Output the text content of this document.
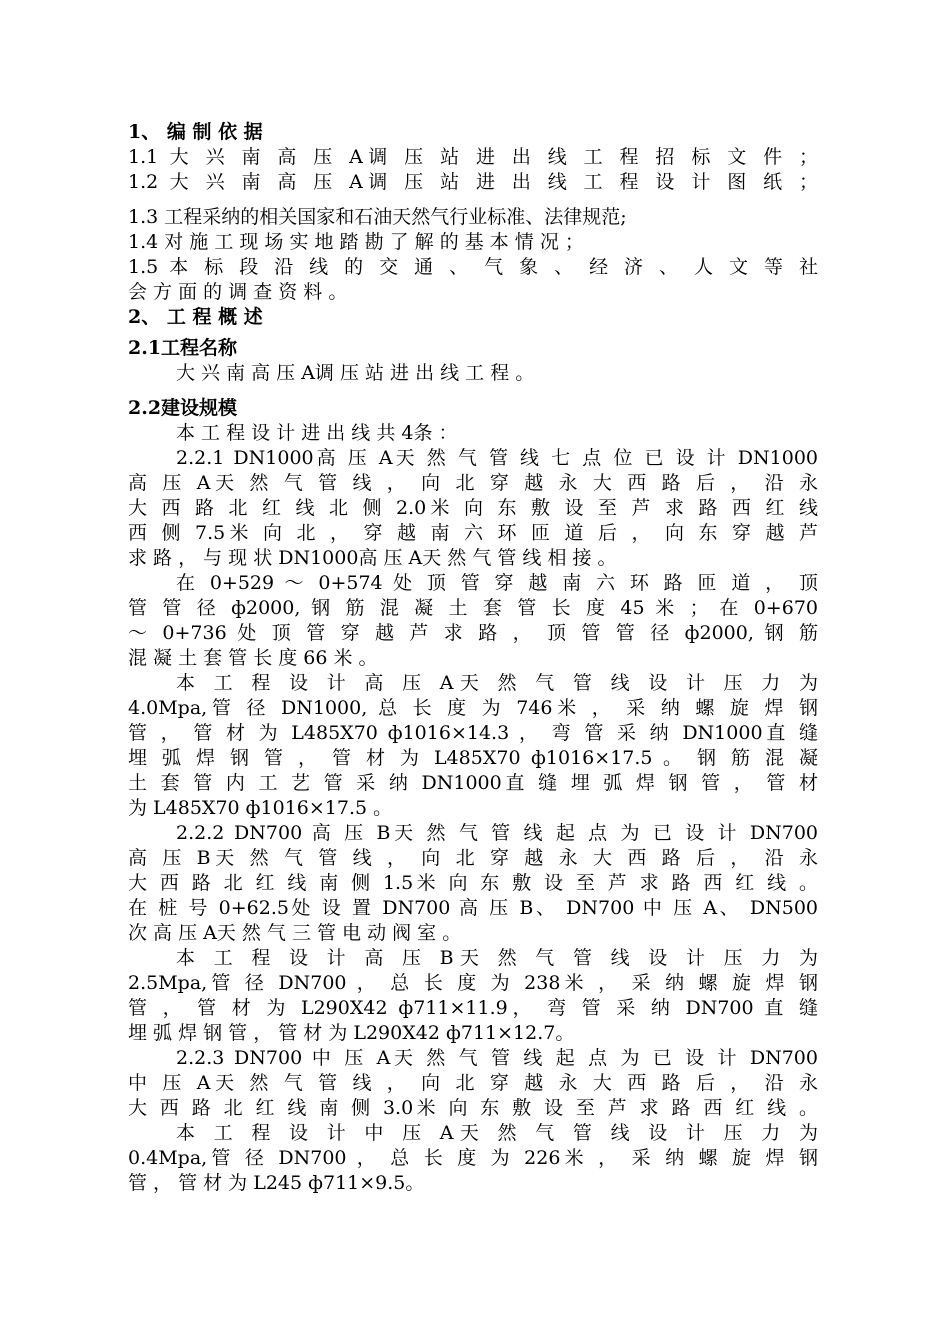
1、 编 制 依 据
1.1 大 兴 南 高 压 A调 压 站 进 出 线 工 程 招 标 文 件 ；
1.2 大 兴 南 高 压 A调 压 站 进 出 线 工 程 设 计 图 纸 ；
1.3 工程采纳的相关国家和石油天然气行业标准、法律规范;
1.4 对 施 工 现 场 实 地 踏 勘 了 解 的 基 本 情 况 ；
1.5 本 标 段 沿 线 的 交 通 、 气 象 、 经 济 、 人 文 等 社
会 方 面 的 调 查 资 料 。
2、 工 程 概 述
2.1工程名称
大 兴 南 高 压 A调 压 站 进 出 线 工 程 。
2.2建设规模
本 工 程 设 计 进 出 线 共 4条 ：
2.2.1 DN1000高 压 A天 然 气 管 线 七 点 位 已 设 计 DN1000
高 压 A天 然 气 管 线 ， 向 北 穿 越 永 大 西 路 后 ， 沿 永
大 西 路 北 红 线 北 侧 2.0米 向 东 敷 设 至 芦 求 路 西 红 线
西 侧 7.5米 向 北 ， 穿 越 南 六 环 匝 道 后 ， 向 东 穿 越 芦
求 路 ， 与 现 状 DN1000高 压 A天 然 气 管 线 相 接 。
在 0+529 ～ 0+574 处 顶 管 穿 越 南 六 环 路 匝 道 ， 顶
管 管 径 ф2000, 钢 筋 混 凝 土 套 管 长 度 45 米 ； 在 0+670
～ 0+736 处 顶 管 穿 越 芦 求 路 ， 顶 管 管 径 ф2000, 钢 筋
混 凝 土 套 管 长 度 66 米 。
本 工 程 设 计 高 压 A天 然 气 管 线 设 计 压 力 为
4.0Mpa,管 径 DN1000, 总 长 度 为 746米 ， 采 纳 螺 旋 焊 钢
管 ， 管 材 为 L485X70 ф1016×14.3 ， 弯 管 采 纳 DN1000直 缝
埋 弧 焊 钢 管 ， 管 材 为 L485X70 ф1016×17.5 。 钢 筋 混 凝
土 套 管 内 工 艺 管 采 纳 DN1000直 缝 埋 弧 焊 钢 管 ， 管 材
为 L485X70 ф1016×17.5 。
2.2.2 DN700 高 压 B天 然 气 管 线 起 点 为 已 设 计 DN700
高 压 B天 然 气 管 线 ， 向 北 穿 越 永 大 西 路 后 ， 沿 永
大 西 路 北 红 线 南 侧 1.5米 向 东 敷 设 至 芦 求 路 西 红 线 。
在 桩 号 0+62.5处 设 置 DN700 高 压 B、 DN700 中 压 A、 DN500
次 高 压 A天 然 气 三 管 电 动 阀 室 。
本 工 程 设 计 高 压 B天 然 气 管 线 设 计 压 力 为
2.5Mpa,管 径 DN700 ， 总 长 度 为 238米 ， 采 纳 螺 旋 焊 钢
管 ， 管 材 为 L290X42 ф711×11.9， 弯 管 采 纳 DN700 直 缝
埋 弧 焊 钢 管 ， 管 材 为 L290X42 ф711×12.7。
2.2.3 DN700 中 压 A天 然 气 管 线 起 点 为 已 设 计 DN700
中 压 A天 然 气 管 线 ， 向 北 穿 越 永 大 西 路 后 ， 沿 永
大 西 路 北 红 线 南 侧 3.0米 向 东 敷 设 至 芦 求 路 西 红 线 。
本 工 程 设 计 中 压 A天 然 气 管 线 设 计 压 力 为
0.4Mpa,管 径 DN700 ， 总 长 度 为 226米 ， 采 纳 螺 旋 焊 钢
管 ， 管 材 为 L245 ф711×9.5。
